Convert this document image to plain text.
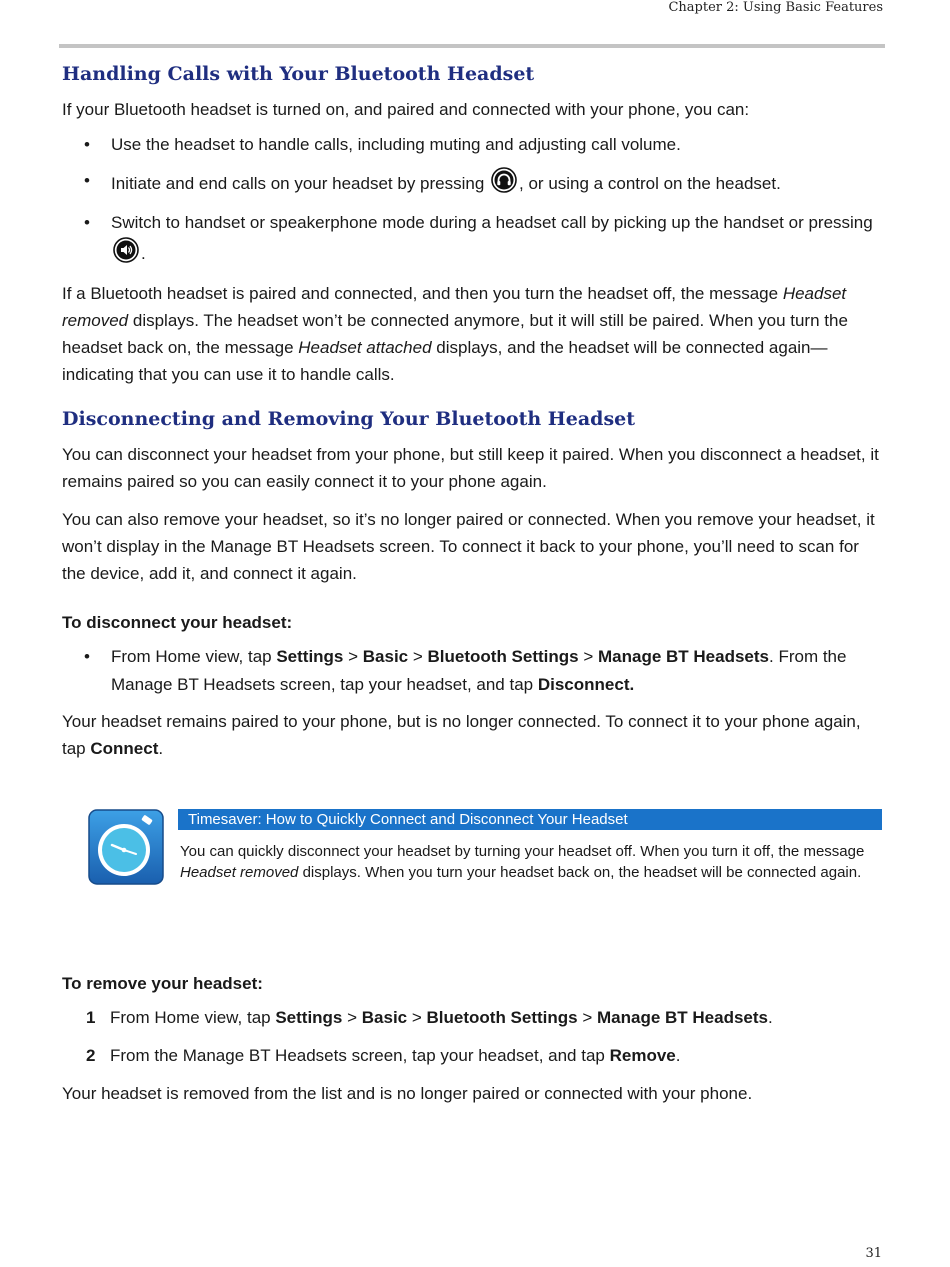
Chapter 2: Using Basic Features
Handling Calls with Your Bluetooth Headset

If your Bluetooth headset is turned on, and paired and connected with your phone, you can:

• Use the headset to handle calls, including muting and adjusting call volume.
• Initiate and end calls on your headset by pressing , or using a control on the headset.
• Switch to handset or speakerphone mode during a headset call by picking up the handset or pressing .

If a Bluetooth headset is paired and connected, and then you turn the headset off, the message Headset removed displays. The headset won’t be connected anymore, but it will still be paired. When you turn the headset back on, the message Headset attached displays, and the headset will be connected again—indicating that you can use it to handle calls.

Disconnecting and Removing Your Bluetooth Headset

You can disconnect your headset from your phone, but still keep it paired. When you disconnect a headset, it remains paired so you can easily connect it to your phone again.

You can also remove your headset, so it’s no longer paired or connected. When you remove your headset, it won’t display in the Manage BT Headsets screen. To connect it back to your phone, you’ll need to scan for the device, add it, and connect it again.

To disconnect your headset:
• From Home view, tap Settings > Basic > Bluetooth Settings > Manage BT Headsets. From the Manage BT Headsets screen, tap your headset, and tap Disconnect.

Your headset remains paired to your phone, but is no longer connected. To connect it to your phone again, tap Connect.

Timesaver: How to Quickly Connect and Disconnect Your Headset
You can quickly disconnect your headset by turning your headset off. When you turn it off, the message Headset removed displays. When you turn your headset back on, the headset will be connected again.
To remove your headset:
1 From Home view, tap Settings > Basic > Bluetooth Settings > Manage BT Headsets.
2 From the Manage BT Headsets screen, tap your headset, and tap Remove.

Your headset is removed from the list and is no longer paired or connected with your phone.

31
